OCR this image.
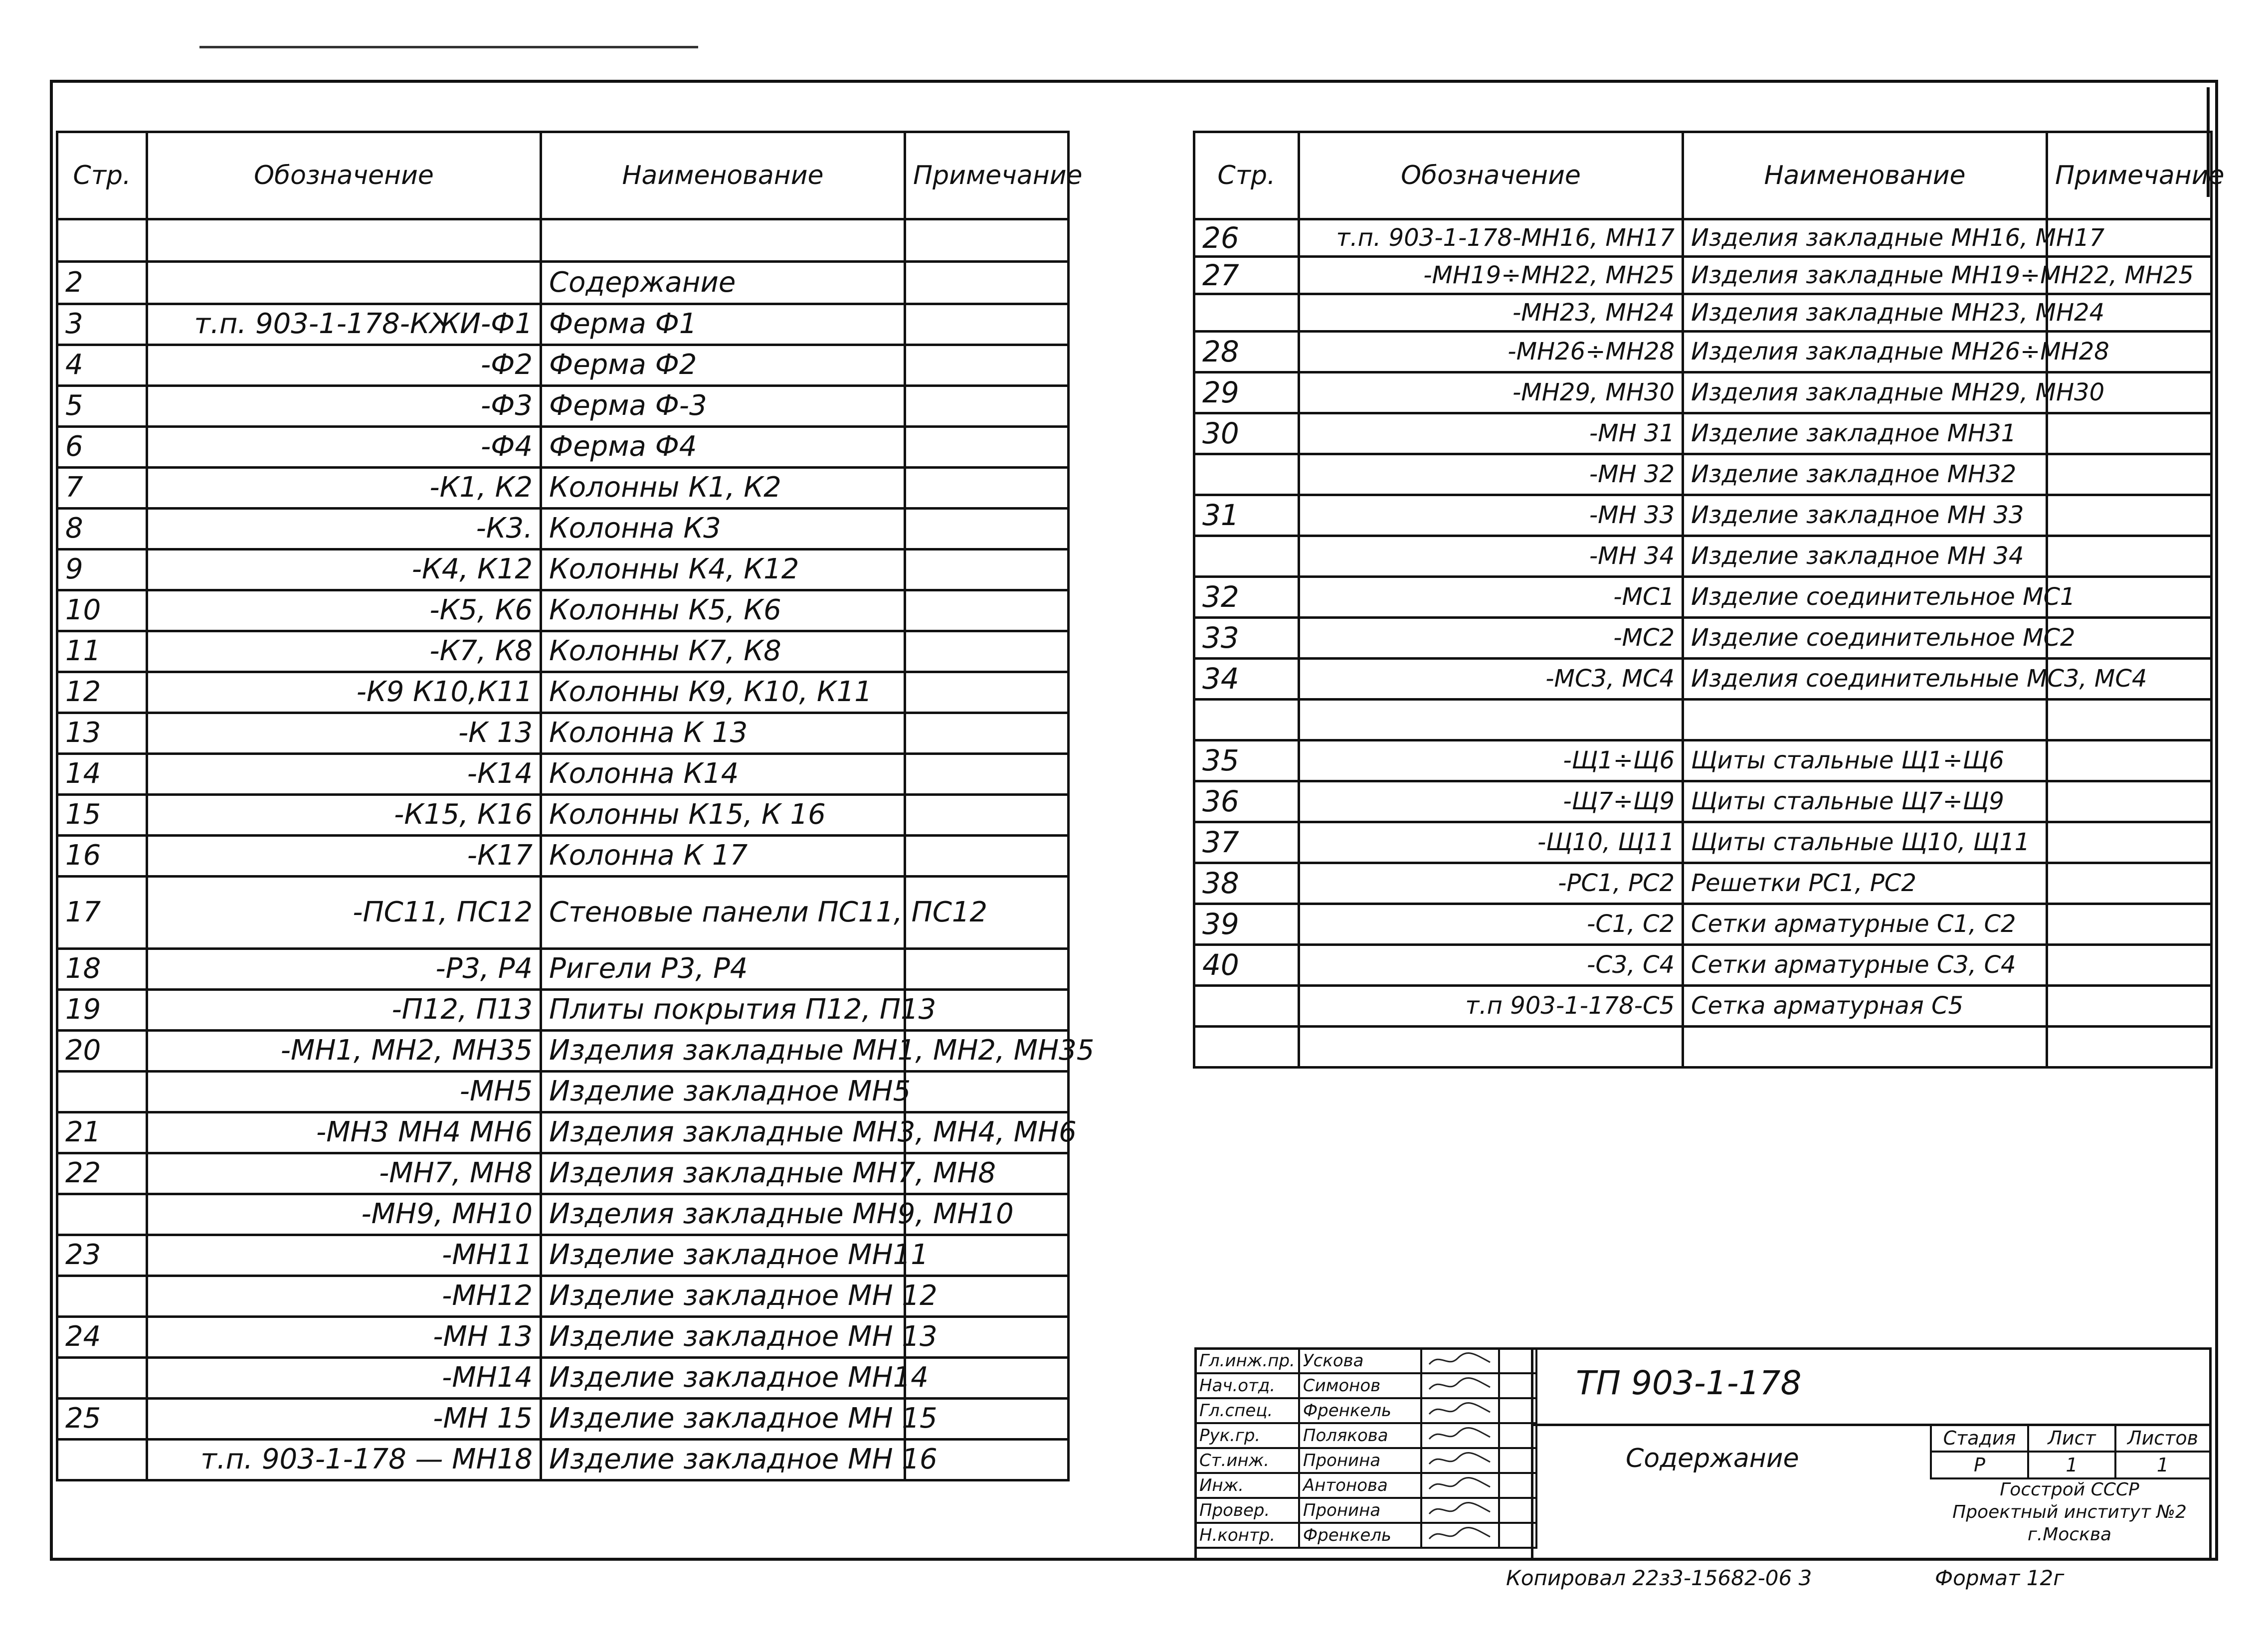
Стр.	Обозначение	Наименование	Примечание

2		Содержание	
3	т.п. 903-1-178-КЖИ-Ф1	Ферма Ф1	
4	-Ф2	Ферма Ф2	
5	-Ф3	Ферма Ф-3	
6	-Ф4	Ферма Ф4	
7	-К1, К2	Колонны К1, К2	
8	-К3.	Колонна К3	
9	-К4, К12	Колонны К4, К12	
10	-К5, К6	Колонны К5, К6	
11	-К7, К8	Колонны К7, К8	
12	-К9 К10,К11	Колонны К9, К10, К11	
13	-К 13	Колонна К 13	
14	-К14	Колонна К14	
15	-К15, К16	Колонны К15, К 16	
16	-К17	Колонна К 17	
17	-ПС11, ПС12	Стеновые панели ПС11, ПС12	
18	-Р3, Р4	Ригели Р3, Р4	
19	-П12, П13	Плиты покрытия П12, П13	
20	-МН1, МН2, МН35	Изделия закладные МН1, МН2, МН35	
	-МН5	Изделие закладное МН5	
21	-МН3 МН4 МН6	Изделия закладные МН3, МН4, МН6	
22	-МН7, МН8	Изделия закладные МН7, МН8	
	-МН9, МН10	Изделия закладные МН9, МН10	
23	-МН11	Изделие закладное МН11	
	-МН12	Изделие закладное МН 12	
24	-МН 13	Изделие закладное МН 13	
	-МН14	Изделие закладное МН14	
25	-МН 15	Изделие закладное МН 15	
	т.п. 903-1-178 — МН18	Изделие закладное МН 16	
Стр.	Обозначение	Наименование	Примечание
26	т.п. 903-1-178-МН16, МН17	Изделия закладные МН16, МН17	
27	-МН19÷МН22, МН25	Изделия закладные МН19÷МН22, МН25	
	-МН23, МН24	Изделия закладные МН23, МН24	
28	-МН26÷МН28	Изделия закладные МН26÷МН28	
29	-МН29, МН30	Изделия закладные МН29, МН30	
30	-МН 31	Изделие закладное МН31	
	-МН 32	Изделие закладное МН32	
31	-МН 33	Изделие закладное МН 33	
	-МН 34	Изделие закладное МН 34	
32	-МС1	Изделие соединительное МС1	
33	-МС2	Изделие соединительное МС2	
34	-МС3, МС4	Изделия соединительные МС3, МС4	

35	-Щ1÷Щ6	Щиты стальные Щ1÷Щ6	
36	-Щ7÷Щ9	Щиты стальные Щ7÷Щ9	
37	-Щ10, Щ11	Щиты стальные Щ10, Щ11	
38	-РС1, РС2	Решетки РС1, РС2	
39	-С1, С2	Сетки арматурные С1, С2	
40	-С3, С4	Сетки арматурные С3, С4	
	т.п 903-1-178-С5	Сетка арматурная С5	

Гл.инж.пр.	Ускова		
Нач.отд.	Симонов		
Гл.спец.	Френкель		
Рук.гр.	Полякова		
Ст.инж.	Пронина		
Инж.	Антонова		
Провер.	Пронина		
Н.контр.	Френкель		
ТП 903-1-178
Содержание
Стадия	Лист	Листов
Р	1	1
Госстрой СССР
Проектный институт №2
г.Москва
Копировал 22з3-15682-06 3	Формат 12г
